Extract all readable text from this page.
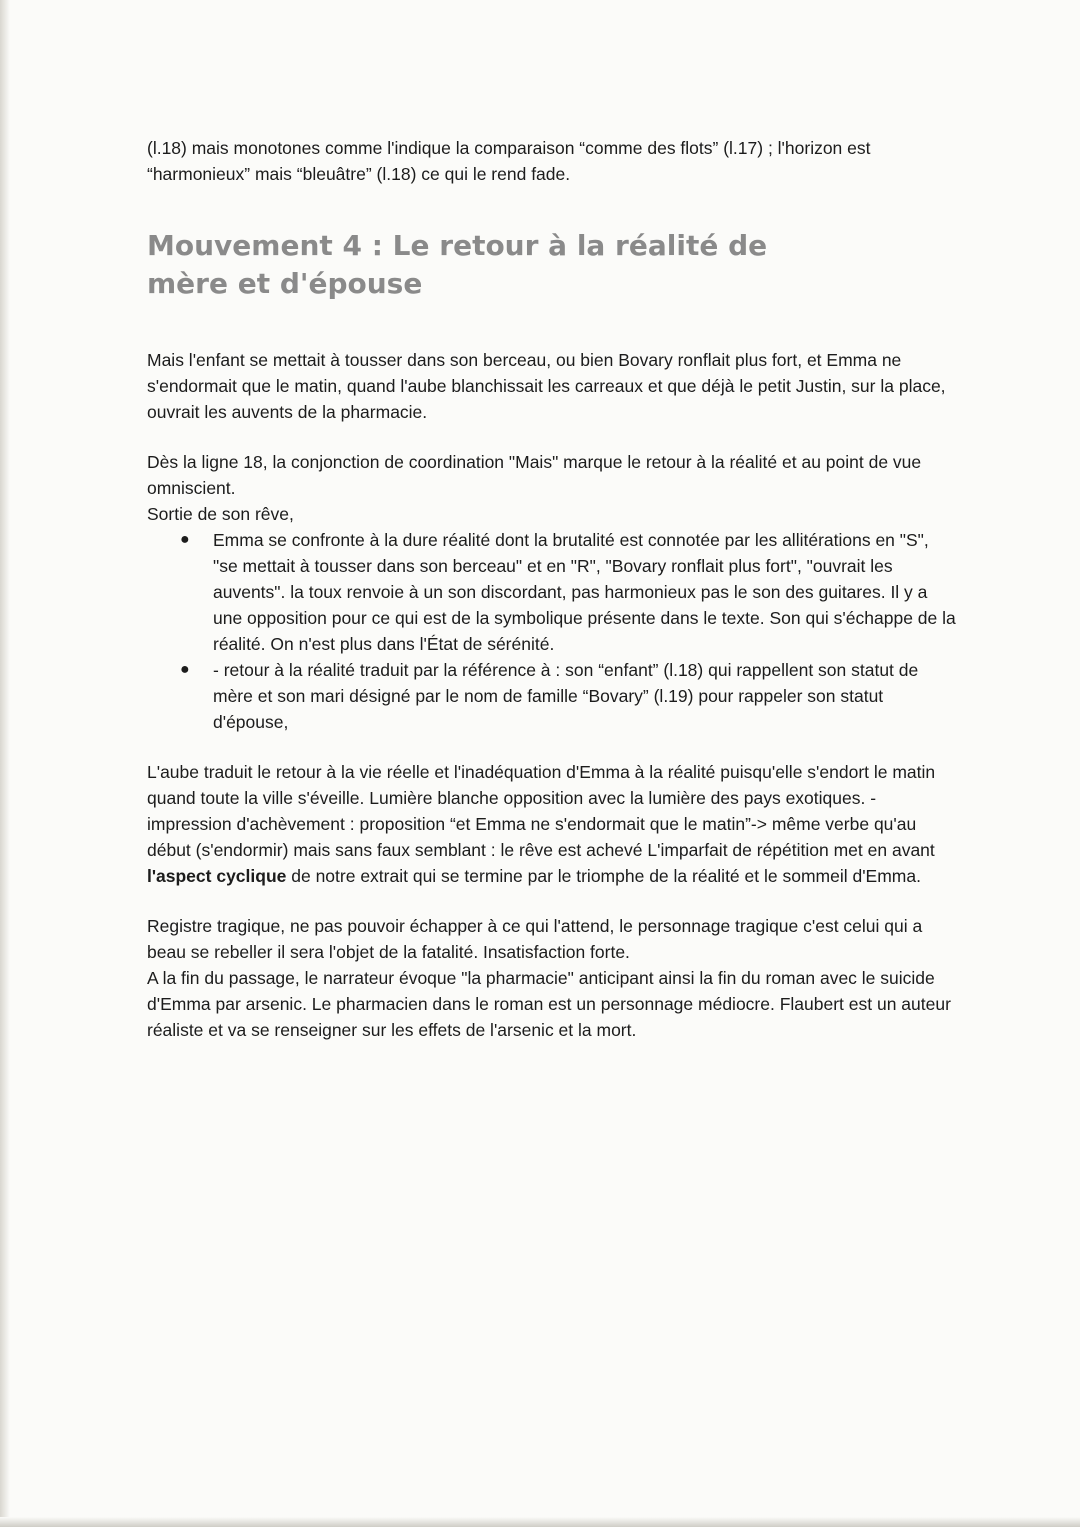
(l.18) mais monotones comme l'indique la comparaison “comme des flots” (l.17) ; l'horizon est “harmonieux” mais “bleuâtre” (l.18) ce qui le rend fade.

Mouvement 4 : Le retour à la réalité de mère et d'épouse

Mais l'enfant se mettait à tousser dans son berceau, ou bien Bovary ronflait plus fort, et Emma ne s'endormait que le matin, quand l'aube blanchissait les carreaux et que déjà le petit Justin, sur la place, ouvrait les auvents de la pharmacie.

Dès la ligne 18, la conjonction de coordination "Mais" marque le retour à la réalité et au point de vue omniscient.

Sortie de son rêve,

● Emma se confronte à la dure réalité dont la brutalité est connotée par les allitérations en "S", "se mettait à tousser dans son berceau" et en "R", "Bovary ronflait plus fort", "ouvrait les auvents". la toux renvoie à un son discordant, pas harmonieux pas le son des guitares. Il y a une opposition pour ce qui est de la symbolique présente dans le texte. Son qui s'échappe de la réalité. On n'est plus dans l'État de sérénité.
● - retour à la réalité traduit par la référence à : son “enfant” (l.18) qui rappellent son statut de mère et son mari désigné par le nom de famille “Bovary” (l.19) pour rappeler son statut d'épouse,

L'aube traduit le retour à la vie réelle et l'inadéquation d'Emma à la réalité puisqu'elle s'endort le matin quand toute la ville s'éveille. Lumière blanche opposition avec la lumière des pays exotiques. - impression d'achèvement : proposition “et Emma ne s'endormait que le matin”-> même verbe qu'au début (s'endormir) mais sans faux semblant : le rêve est achevé L'imparfait de répétition met en avant l'aspect cyclique de notre extrait qui se termine par le triomphe de la réalité et le sommeil d'Emma.

Registre tragique, ne pas pouvoir échapper à ce qui l'attend, le personnage tragique c'est celui qui a beau se rebeller il sera l'objet de la fatalité. Insatisfaction forte.

A la fin du passage, le narrateur évoque "la pharmacie" anticipant ainsi la fin du roman avec le suicide d'Emma par arsenic. Le pharmacien dans le roman est un personnage médiocre. Flaubert est un auteur réaliste et va se renseigner sur les effets de l'arsenic et la mort.
